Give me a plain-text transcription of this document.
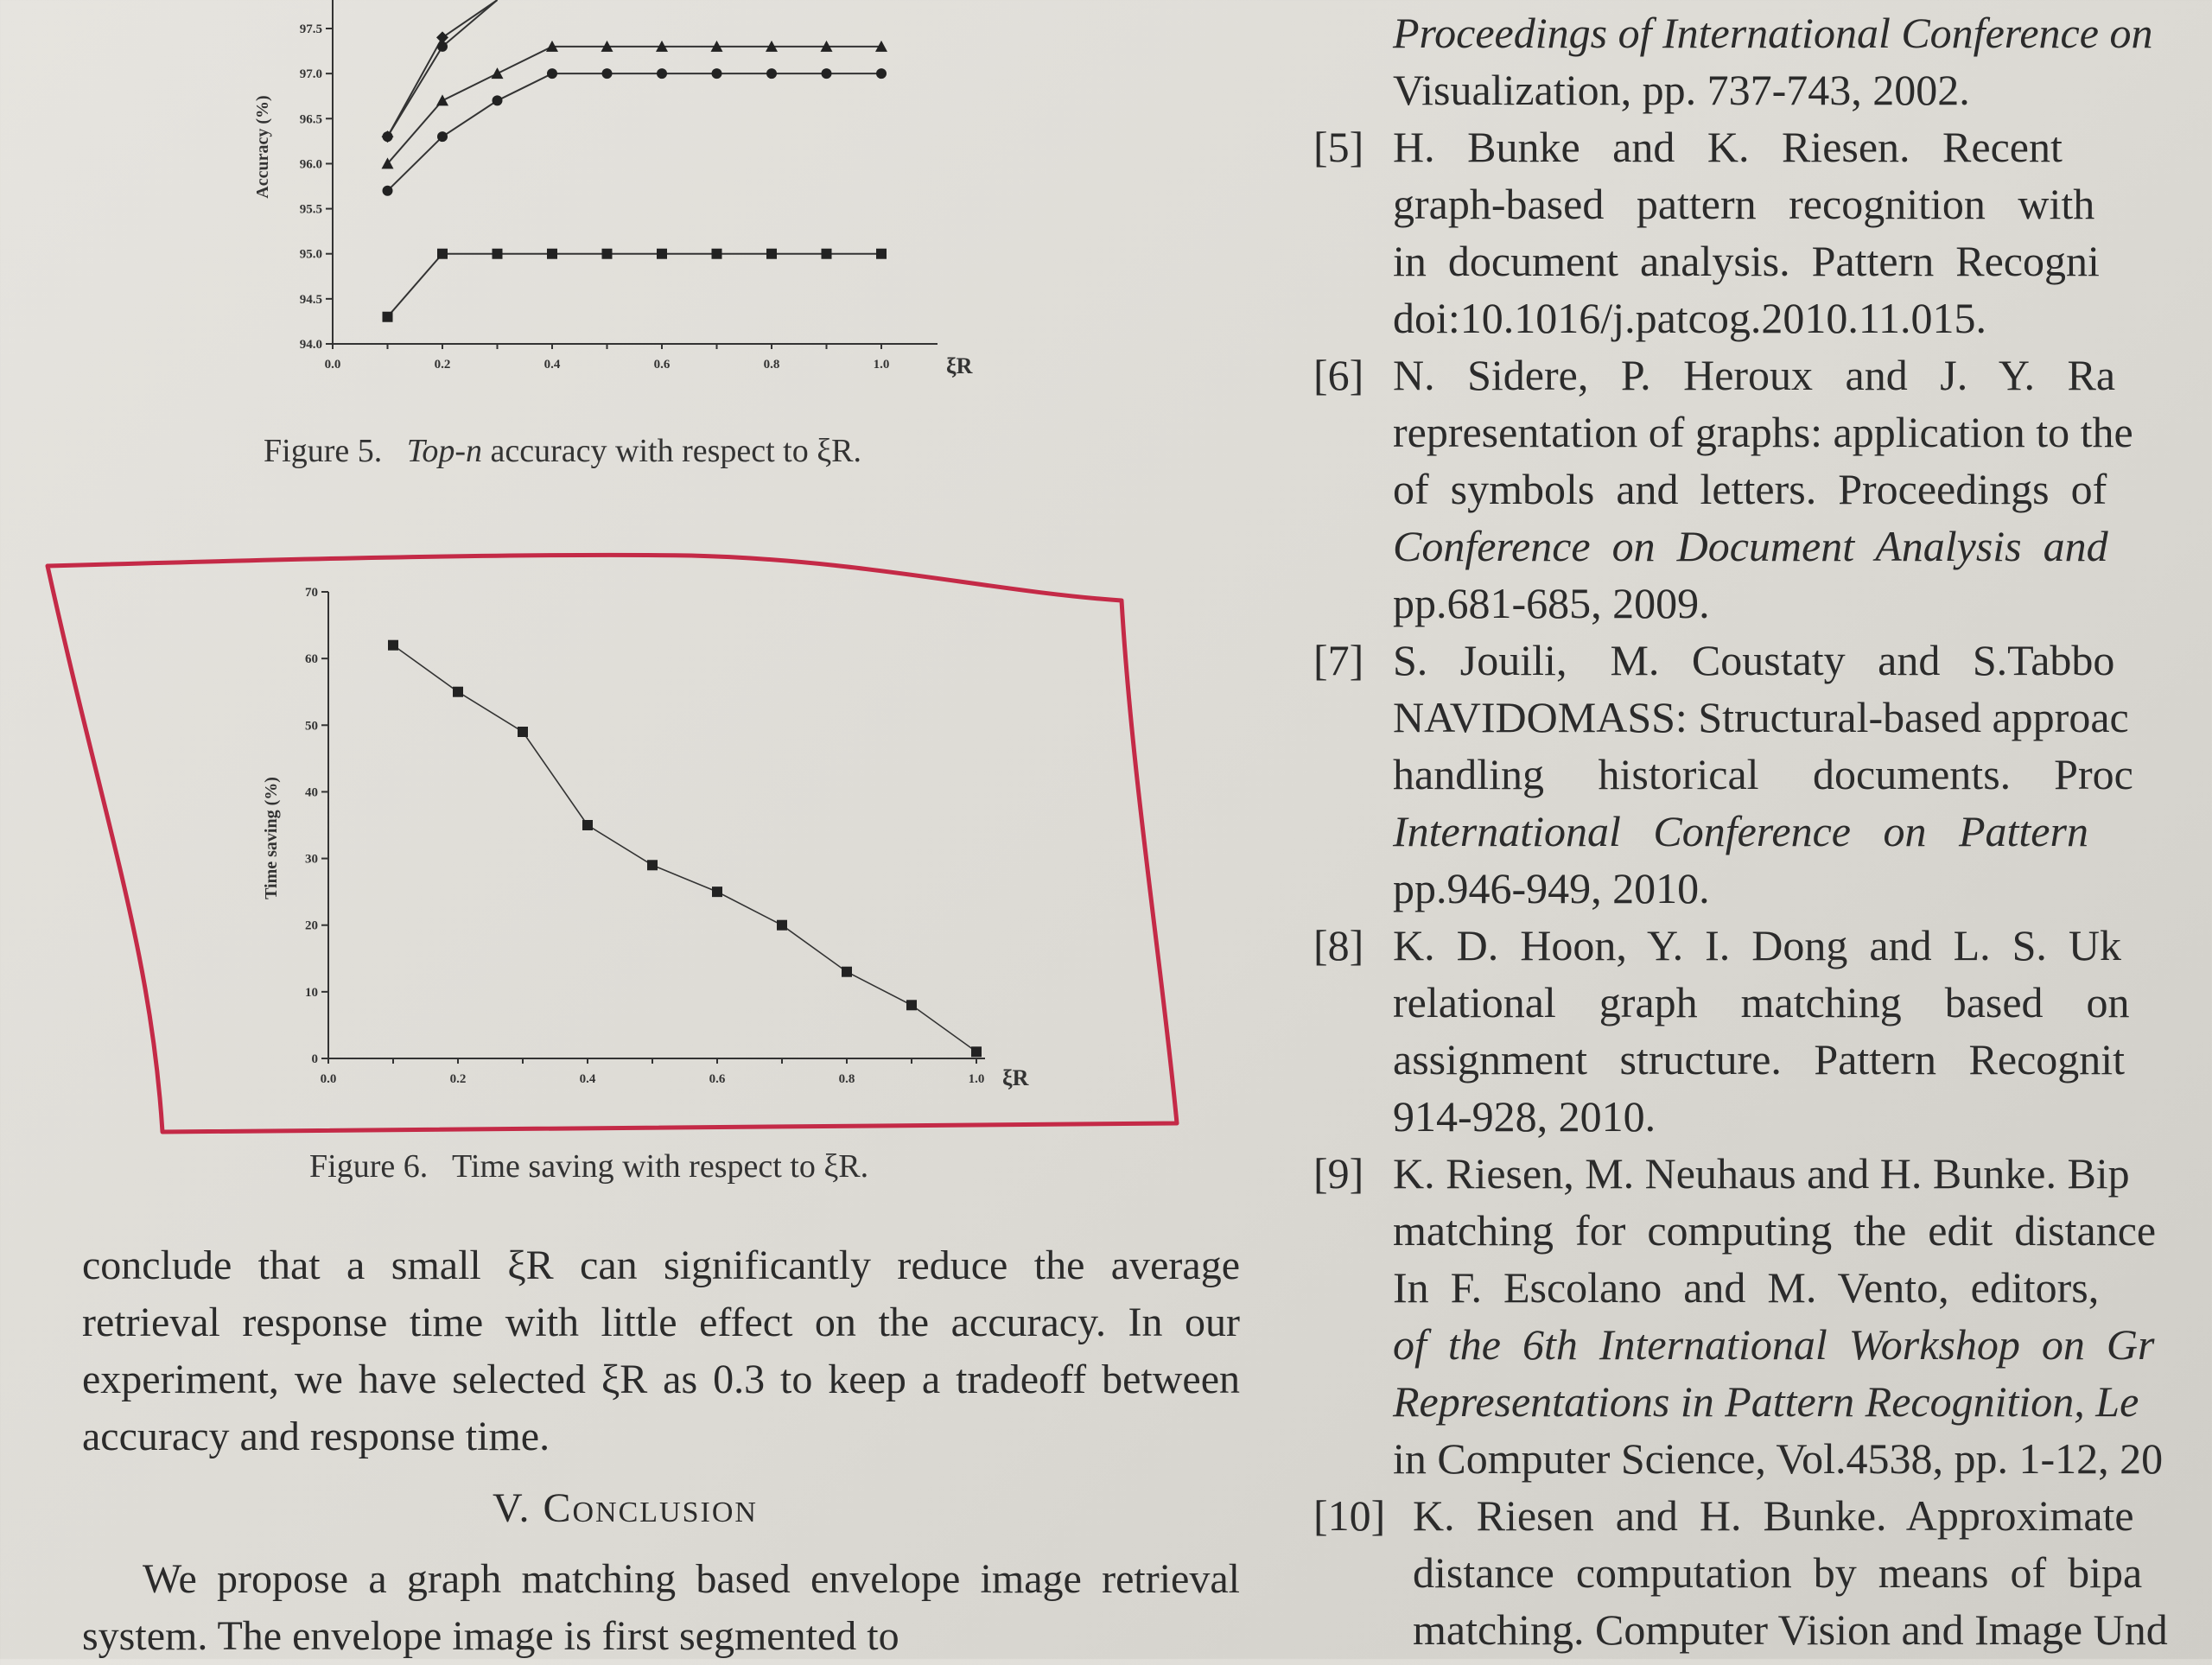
94.0
94.5
95.0
95.5
96.0
96.5
97.0
97.5
0.0	0.2	0.4	0.6	0.8	1.0
Accuracy (%)
ξR
Figure 5. Top-n accuracy with respect to ξR.
0
10
20
30
40
50
60
70
0.0	0.2	0.4	0.6	0.8	1.0
Time saving (%)
ξR
Figure 6. Time saving with respect to ξR.

conclude that a small ξR can significantly reduce the average retrieval response time with little effect on the accuracy. In our experiment, we have selected ξR as 0.3 to keep a tradeoff between accuracy and response time.

V. Conclusion

We propose a graph matching based envelope image retrieval system. The envelope image is first segmented to

Proceedings of International Conference on
Visualization, pp. 737-743, 2002.
[5] H.   Bunke   and   K.   Riesen.   Recent
graph-based   pattern   recognition   with
in  document  analysis.  Pattern  Recogni
doi:10.1016/j.patcog.2010.11.015.
[6] N.   Sidere,   P.   Heroux   and   J.   Y.   Ra
representation of graphs: application to the
of  symbols  and  letters.  Proceedings  of
Conference  on  Document  Analysis  and
pp.681-685, 2009.
[7] S.   Jouili,    M.   Coustaty   and   S.Tabbo
NAVIDOMASS: Structural-based approac
handling     historical     documents.    Proc
International   Conference   on   Pattern
pp.946-949, 2010.
[8] K.  D.  Hoon,  Y.  I.  Dong  and  L.  S.  Uk
relational    graph    matching    based    on
assignment   structure.   Pattern   Recognit
914-928, 2010.
[9] K. Riesen, M. Neuhaus and H. Bunke. Bip
matching  for  computing  the  edit  distance
In  F.  Escolano  and  M.  Vento,  editors,
of  the  6th  International  Workshop  on  Gr
Representations in Pattern Recognition, Le
in Computer Science, Vol.4538, pp. 1-12, 20
[10] K.  Riesen  and  H.  Bunke.  Approximate
distance  computation  by  means  of  bipa
matching. Computer Vision and Image Und
